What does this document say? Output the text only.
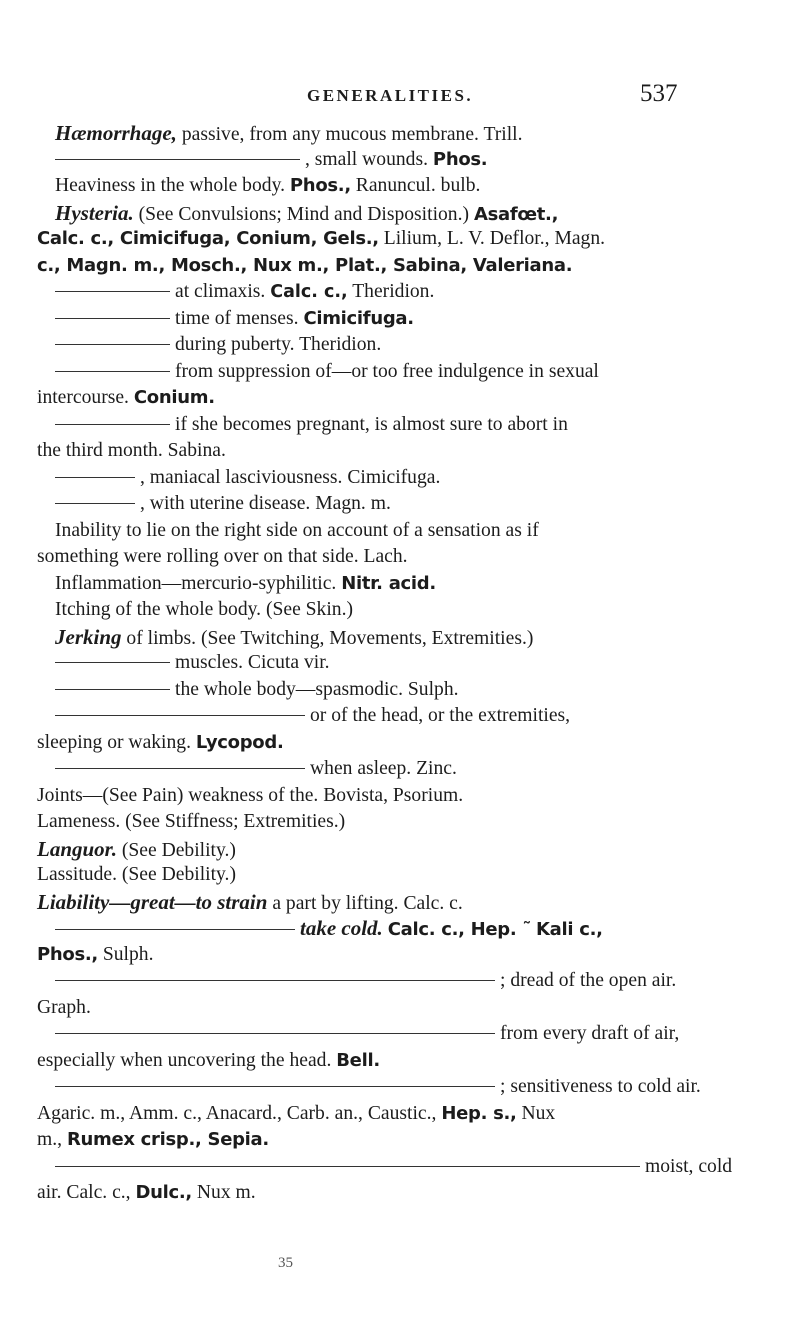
GENERALITIES.	537
Hæmorrhage, passive, from any mucous membrane. Trill.
, small wounds. Phos.
Heaviness in the whole body. Phos., Ranuncul. bulb.
Hysteria. (See Convulsions; Mind and Disposition.) Asafœt.,
Calc. c., Cimicifuga, Conium, Gels., Lilium, L. V. Deflor., Magn.
c., Magn. m., Mosch., Nux m., Plat., Sabina, Valeriana.
at climaxis. Calc. c., Theridion.
time of menses. Cimicifuga.
during puberty. Theridion.
from suppression of—or too free indulgence in sexual
intercourse. Conium.
if she becomes pregnant, is almost sure to abort in
the third month. Sabina.
, maniacal lasciviousness. Cimicifuga.
, with uterine disease. Magn. m.
Inability to lie on the right side on account of a sensation as if
something were rolling over on that side. Lach.
Inflammation—mercurio-syphilitic. Nitr. acid.
Itching of the whole body. (See Skin.)
Jerking of limbs. (See Twitching, Movements, Extremities.)
muscles. Cicuta vir.
the whole body—spasmodic. Sulph.
or of the head, or the extremities,
sleeping or waking. Lycopod.
when asleep. Zinc.
Joints—(See Pain) weakness of the. Bovista, Psorium.
Lameness. (See Stiffness; Extremities.)
Languor. (See Debility.)
Lassitude. (See Debility.)
Liability—great—to strain a part by lifting. Calc. c.
take cold. Calc. c., Hep. ˜ Kali c.,
Phos., Sulph.
; dread of the open air.
Graph.
from every draft of air,
especially when uncovering the head. Bell.
; sensitiveness to cold air.
Agaric. m., Amm. c., Anacard., Carb. an., Caustic., Hep. s., Nux
m., Rumex crisp., Sepia.
moist, cold
air. Calc. c., Dulc., Nux m.
35
